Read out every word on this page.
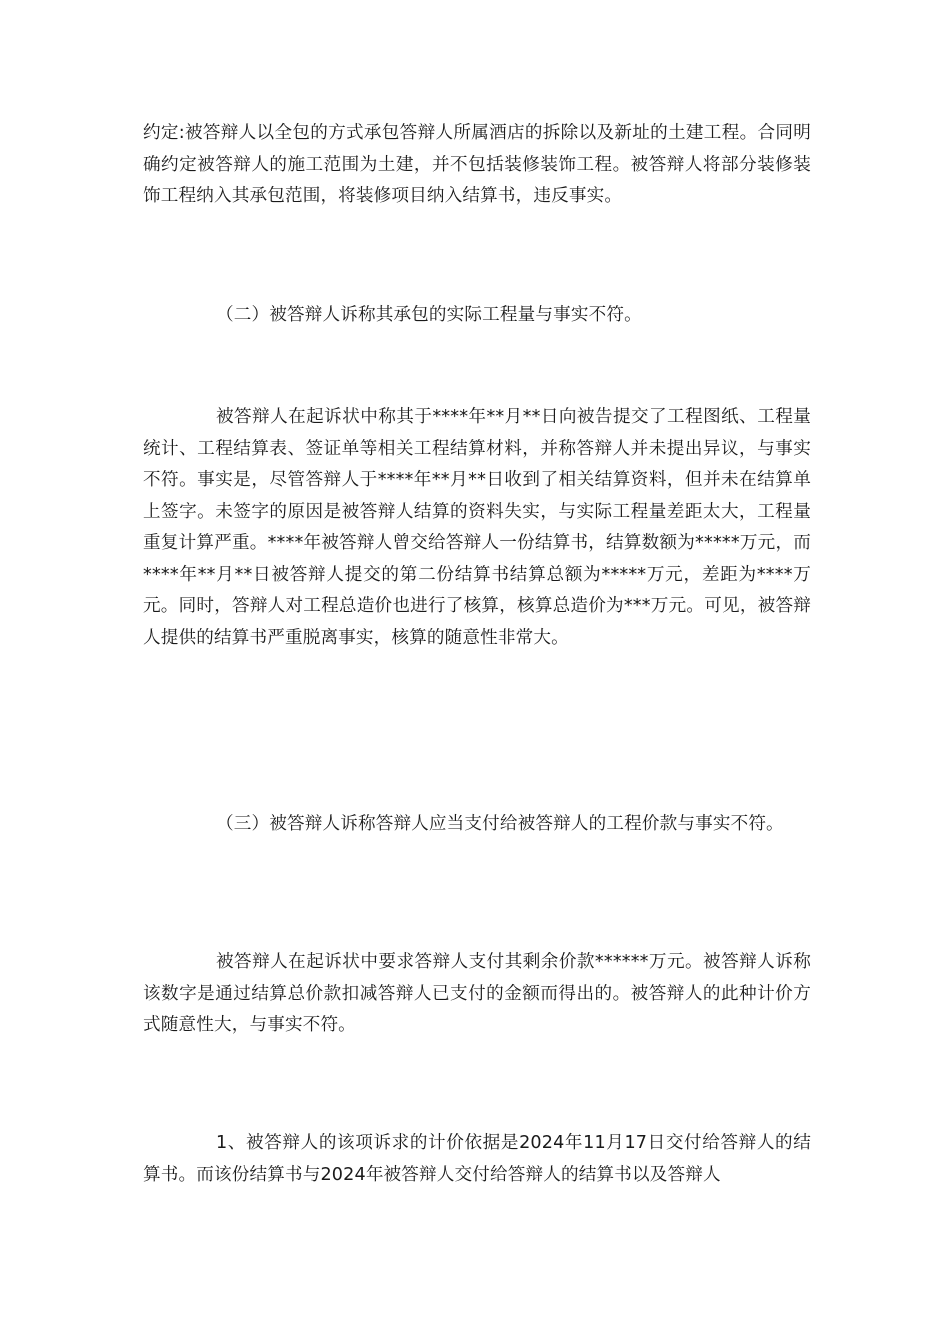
约定:被答辩人以全包的方式承包答辩人所属酒店的拆除以及新址的土建工程。合同明确约定被答辩人的施工范围为土建，并不包括装修装饰工程。被答辩人将部分装修装饰工程纳入其承包范围，将装修项目纳入结算书，违反事实。

（二）被答辩人诉称其承包的实际工程量与事实不符。

被答辩人在起诉状中称其于****年**月**日向被告提交了工程图纸、工程量统计、工程结算表、签证单等相关工程结算材料，并称答辩人并未提出异议，与事实不符。事实是，尽管答辩人于****年**月**日收到了相关结算资料，但并未在结算单上签字。未签字的原因是被答辩人结算的资料失实，与实际工程量差距太大，工程量重复计算严重。****年被答辩人曾交给答辩人一份结算书，结算数额为*****万元，而****年**月**日被答辩人提交的第二份结算书结算总额为*****万元，差距为****万元。同时，答辩人对工程总造价也进行了核算，核算总造价为***万元。可见，被答辩人提供的结算书严重脱离事实，核算的随意性非常大。

（三）被答辩人诉称答辩人应当支付给被答辩人的工程价款与事实不符。

被答辩人在起诉状中要求答辩人支付其剩余价款******万元。被答辩人诉称该数字是通过结算总价款扣减答辩人已支付的金额而得出的。被答辩人的此种计价方式随意性大，与事实不符。

1、被答辩人的该项诉求的计价依据是2024年11月17日交付给答辩人的结算书。而该份结算书与2024年被答辩人交付给答辩人的结算书以及答辩人
